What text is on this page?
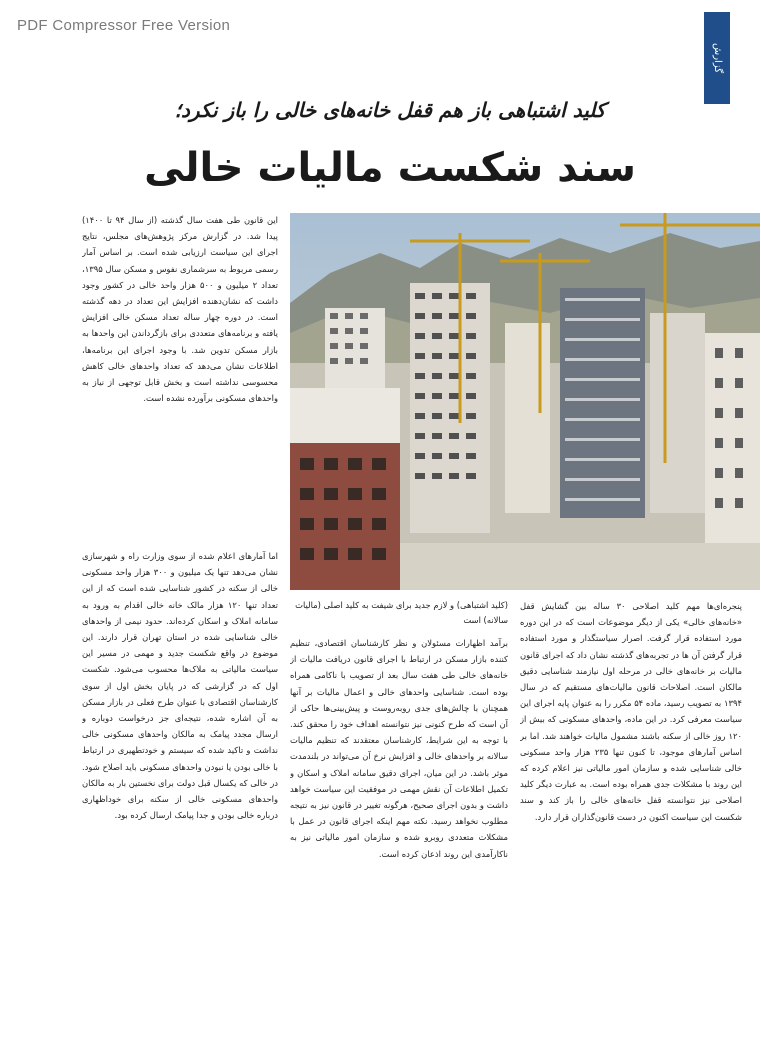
PDF Compressor Free Version
گزارش
کلید اشتباهی باز هم قفل خانه‌های خالی را باز نکرد؛
سند شکست مالیات خالی

این قانون طی هفت سال گذشته (از سال ۹۴ تا ۱۴۰۰) پیدا شد. در گزارش مرکز پژوهش‌های مجلس، نتایج اجرای این سیاست ارزیابی شده است. بر اساس آمار رسمی مربوط به سرشماری نفوس و مسکن سال ۱۳۹۵، تعداد ۲ میلیون و ۵۰۰ هزار واحد خالی در کشور وجود داشت که نشان‌دهنده افزایش این تعداد در دهه گذشته است. در دوره چهار ساله تعداد مسکن خالی افزایش یافته و برنامه‌های متعددی برای بازگرداندن این واحدها به بازار مسکن تدوین شد. با وجود اجرای این برنامه‌ها، اطلاعات نشان می‌دهد که تعداد واحدهای خالی کاهش محسوسی نداشته است و بخش قابل توجهی از نیاز به واحدهای مسکونی برآورده نشده است.

(کلید اشتباهی) و لازم جدید برای شیفت به کلید اصلی (مالیات سالانه) است

اما آمارهای اعلام شده از سوی وزارت راه و شهرسازی نشان می‌دهد تنها یک میلیون و ۳۰۰ هزار واحد مسکونی خالی از سکنه در کشور شناسایی شده است که از این تعداد تنها ۱۲۰ هزار مالک خانه خالی اقدام به ورود به سامانه املاک و اسکان کرده‌اند. حدود نیمی از واحدهای خالی شناسایی شده در استان تهران قرار دارند. این موضوع در واقع شکست جدید و مهمی در مسیر این سیاست مالیاتی به ملاک‌ها محسوب می‌شود. شکست اول که در گزارشی که در پایان بخش اول از سوی کارشناسان اقتصادی با عنوان طرح فعلی در بازار مسکن به آن اشاره شده، نتیجه‌ای جز درخواست دوباره و ارسال مجدد پیامک به مالکان واحدهای مسکونی خالی نداشت و تاکید شده که سیستم و خودتطهیری در ارتباط با خالی بودن یا نبودن واحدهای مسکونی باید اصلاح شود. در خالی که یکسال قبل دولت برای نخستین بار به مالکان واحدهای مسکونی خالی از سکنه برای خوداظهاری درباره خالی بودن و جدا پیامک ارسال کرده بود.

برآمد اظهارات مسئولان و نظر کارشناسان اقتصادی، تنظیم کننده بازار مسکن در ارتباط با اجرای قانون دریافت مالیات از خانه‌های خالی طی هفت سال بعد از تصویب با ناکامی همراه بوده است. شناسایی واحدهای خالی و اعمال مالیات بر آنها همچنان با چالش‌های جدی روبه‌روست و پیش‌بینی‌ها حاکی از آن است که طرح کنونی نیز نتوانسته اهداف خود را محقق کند. با توجه به این شرایط، کارشناسان معتقدند که تنظیم مالیات سالانه بر واحدهای خالی و افزایش نرخ آن می‌تواند در بلندمدت موثر باشد. در این میان، اجرای دقیق سامانه املاک و اسکان و تکمیل اطلاعات آن نقش مهمی در موفقیت این سیاست خواهد داشت و بدون اجرای صحیح، هرگونه تغییر در قانون نیز به نتیجه مطلوب نخواهد رسید. نکته مهم اینکه اجرای قانون در عمل با مشکلات متعددی روبرو شده و سازمان امور مالیاتی نیز به ناکارآمدی این روند اذعان کرده است.

پنجره‌ای‌ها مهم کلید اصلاحی ۳۰ ساله بین گشایش قفل «خانه‌های خالی» یکی از دیگر موضوعات است که در این دوره مورد استفاده قرار گرفت. اصرار سیاستگذار و مورد استفاده قرار گرفتن آن ها در تجربه‌های گذشته نشان داد که اجرای قانون مالیات بر خانه‌های خالی در مرحله اول نیازمند شناسایی دقیق مالکان است. اصلاحات قانون مالیات‌های مستقیم که در سال ۱۳۹۴ به تصویب رسید، ماده ۵۴ مکرر را به عنوان پایه اجرای این سیاست معرفی کرد. در این ماده، واحدهای مسکونی که بیش از ۱۲۰ روز خالی از سکنه باشند مشمول مالیات خواهند شد. اما بر اساس آمارهای موجود، تا کنون تنها ۲۳۵ هزار واحد مسکونی خالی شناسایی شده و سازمان امور مالیاتی نیز اعلام کرده که این روند با مشکلات جدی همراه بوده است. به عبارت دیگر کلید اصلاحی نیز نتوانسته قفل خانه‌های خالی را باز کند و سند شکست این سیاست اکنون در دست قانون‌گذاران قرار دارد.
